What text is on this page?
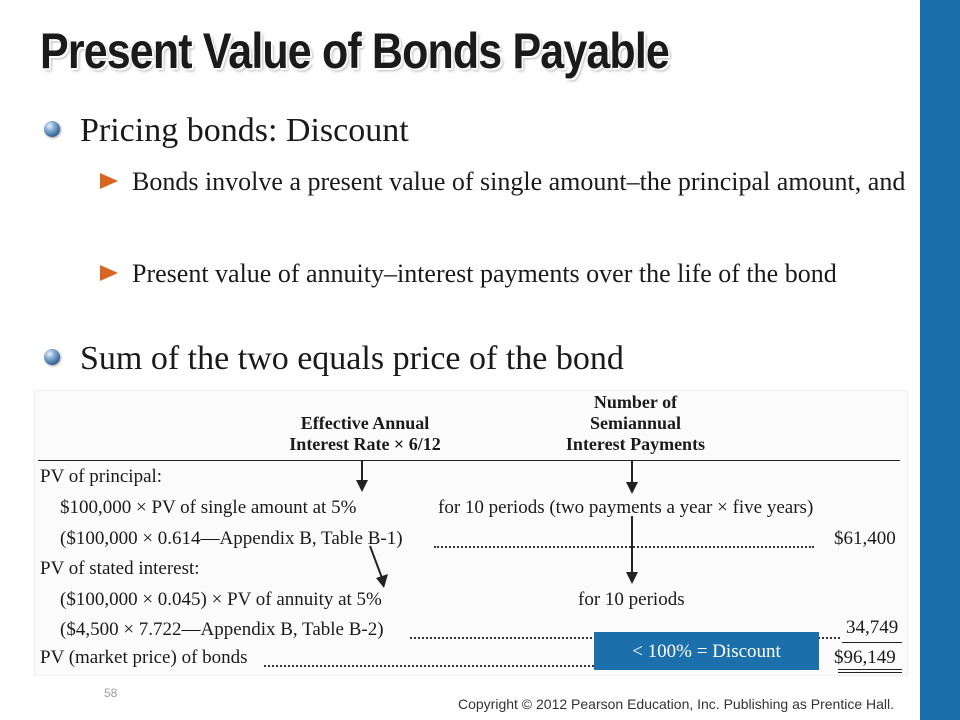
Present Value of Bonds Payable
Pricing bonds: Discount
Bonds involve a present value of single amount–the principal amount, and
Present value of annuity–interest payments over the life of the bond
Sum of the two equals price of the bond
Effective Annual
Interest Rate × 6/12
Number of
Semiannual
Interest Payments
PV of principal:
$100,000 × PV of single amount at 5%	for 10 periods (two payments a year × five years)
($100,000 × 0.614—Appendix B, Table B-1)	$61,400
PV of stated interest:
($100,000 × 0.045) × PV of annuity at 5%	for 10 periods
($4,500 × 7.722—Appendix B, Table B-2)	34,749
PV (market price) of bonds	$96,149
< 100% = Discount
58
Copyright © 2012 Pearson Education, Inc. Publishing as Prentice Hall.
